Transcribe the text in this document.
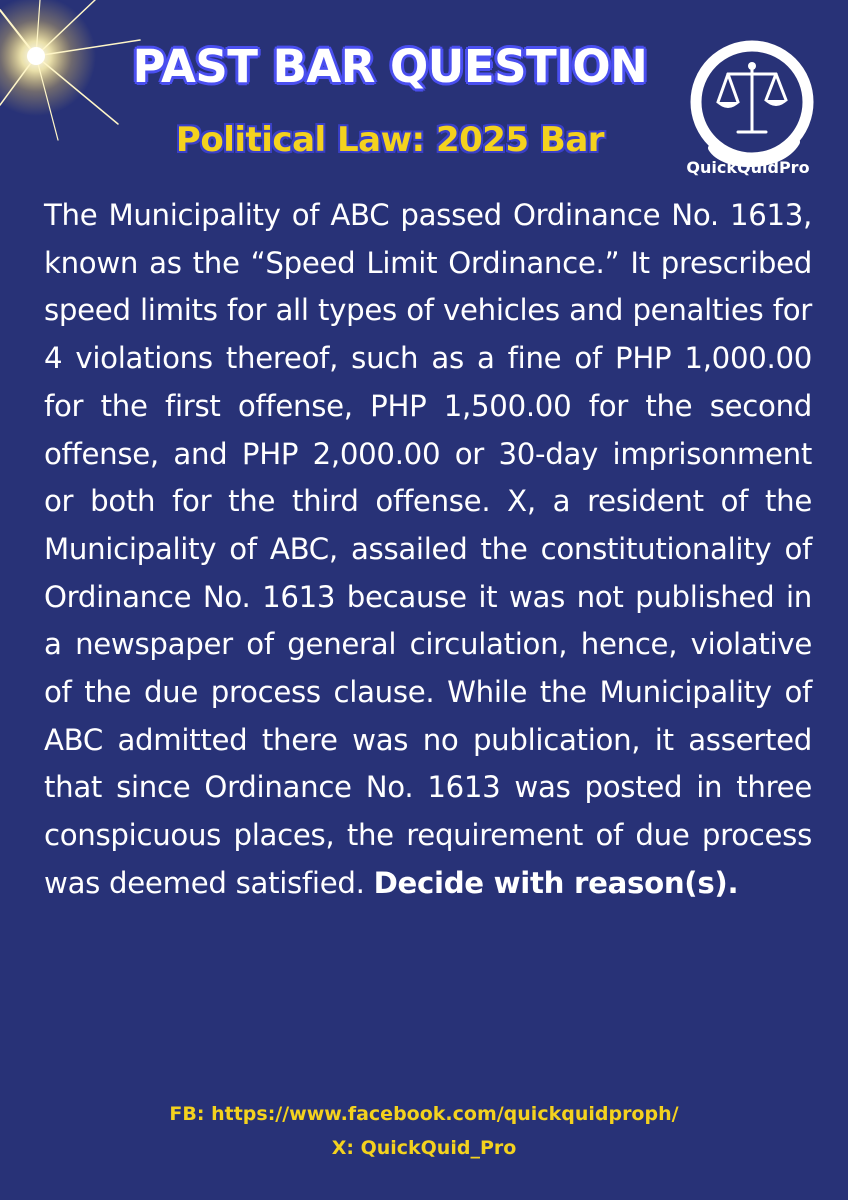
PAST BAR QUESTION
Political Law: 2025 Bar
QuickQuidPro

The Municipality of ABC passed Ordinance No. 1613, known as the “Speed Limit Ordinance.” It prescribed speed limits for all types of vehicles and penalties for 4 violations thereof, such as a fine of PHP 1,000.00 for the first offense, PHP 1,500.00 for the second offense, and PHP 2,000.00 or 30-day imprisonment or both for the third offense. X, a resident of the Municipality of ABC, assailed the constitutionality of Ordinance No. 1613 because it was not published in a newspaper of general circulation, hence, violative of the due process clause. While the Municipality of ABC admitted there was no publication, it asserted that since Ordinance No. 1613 was posted in three conspicuous places, the requirement of due process was deemed satisfied. Decide with reason(s).

FB: https://www.facebook.com/quickquidproph/
X: QuickQuid_Pro
